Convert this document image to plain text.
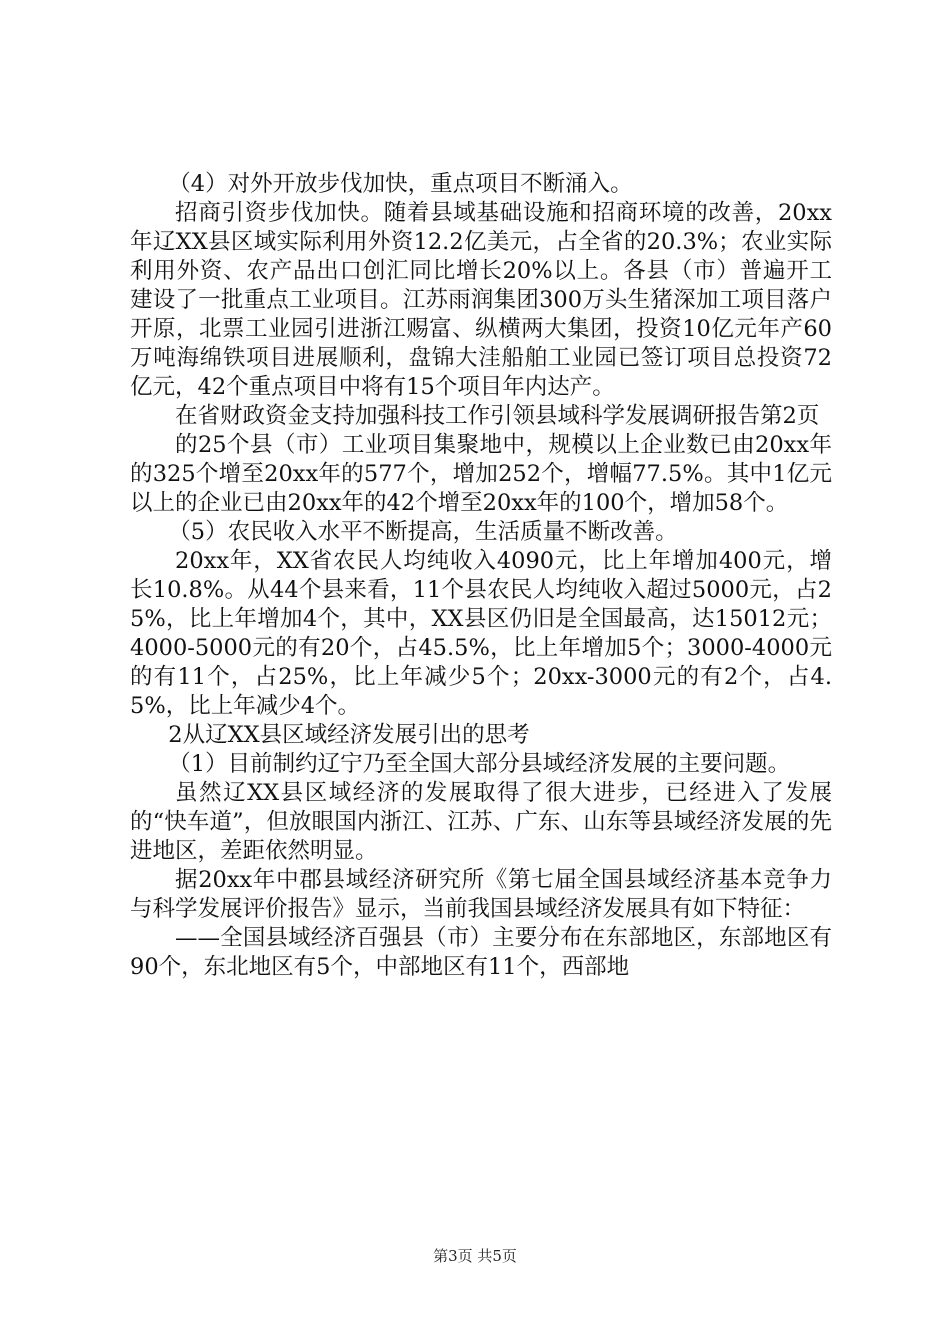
（4）对外开放步伐加快，重点项目不断涌入。

招商引资步伐加快。随着县域基础设施和招商环境的改善，20xx年辽XX县区域实际利用外资12.2亿美元，占全省的20.3%；农业实际利用外资、农产品出口创汇同比增长20%以上。各县（市）普遍开工建设了一批重点工业项目。江苏雨润集团300万头生猪深加工项目落户开原，北票工业园引进浙江赐富、纵横两大集团，投资10亿元年产60万吨海绵铁项目进展顺利，盘锦大洼船舶工业园已签订项目总投资72亿元，42个重点项目中将有15个项目年内达产。

在省财政资金支持加强科技工作引领县域科学发展调研报告第2页

的25个县（市）工业项目集聚地中，规模以上企业数已由20xx年的325个增至20xx年的577个，增加252个，增幅77.5%。其中1亿元以上的企业已由20xx年的42个增至20xx年的100个，增加58个。

（5）农民收入水平不断提高，生活质量不断改善。

20xx年，XX省农民人均纯收入4090元，比上年增加400元，增长10.8%。从44个县来看，11个县农民人均纯收入超过5000元，占25%，比上年增加4个，其中，XX县区仍旧是全国最高，达15012元；4000-5000元的有20个，占45.5%，比上年增加5个；3000-4000元的有11个，占25%，比上年减少5个；20xx-3000元的有2个，占4.5%，比上年减少4个。

2从辽XX县区域经济发展引出的思考

（1）目前制约辽宁乃至全国大部分县域经济发展的主要问题。

虽然辽XX县区域经济的发展取得了很大进步，已经进入了发展的“快车道”，但放眼国内浙江、江苏、广东、山东等县域经济发展的先进地区，差距依然明显。

据20xx年中郡县域经济研究所《第七届全国县域经济基本竞争力与科学发展评价报告》显示，当前我国县域经济发展具有如下特征：

——全国县域经济百强县（市）主要分布在东部地区，东部地区有90个，东北地区有5个，中部地区有11个，西部地

第3页 共5页
